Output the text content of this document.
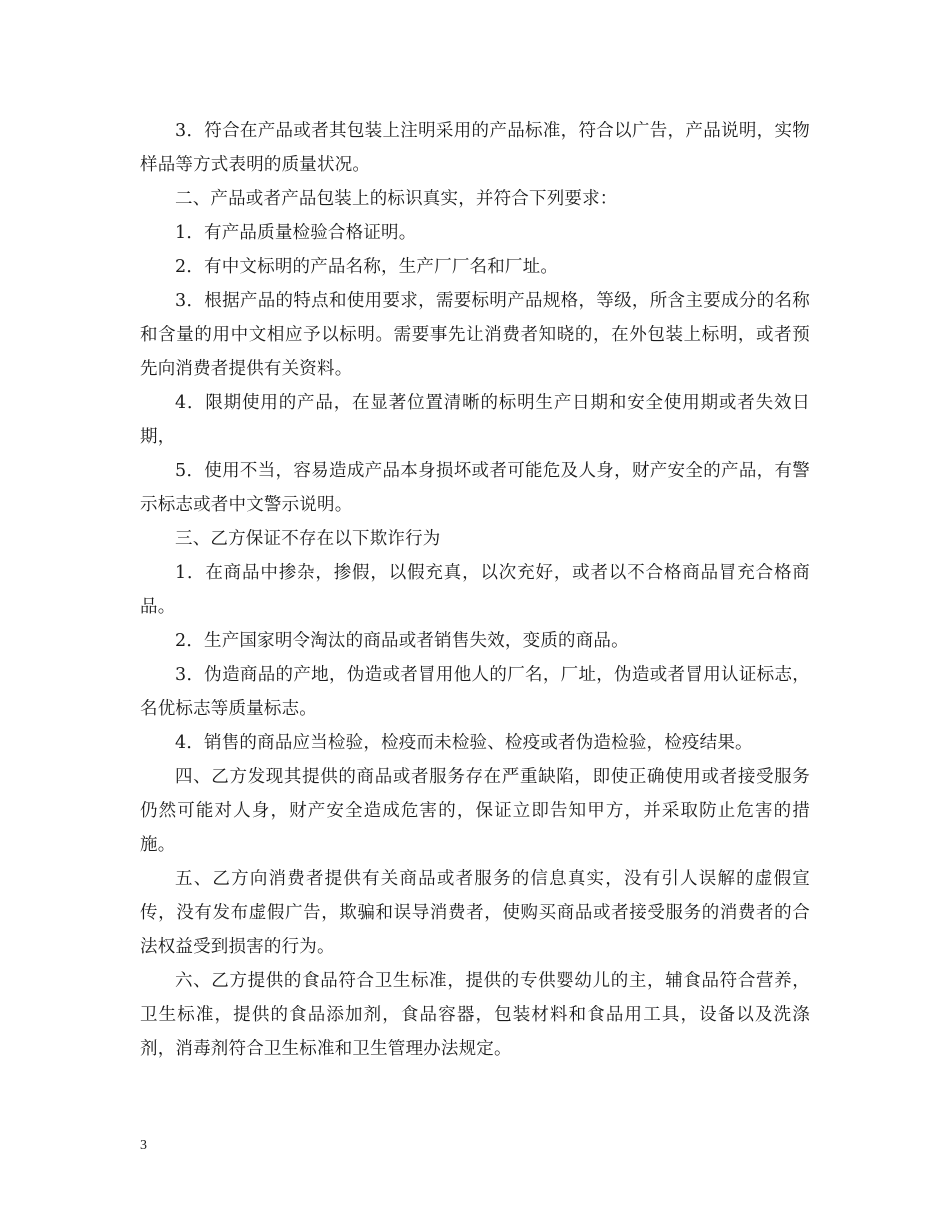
3．符合在产品或者其包装上注明采用的产品标准，符合以广告，产品说明，实物样品等方式表明的质量状况。

二、产品或者产品包装上的标识真实，并符合下列要求：

1．有产品质量检验合格证明。

2．有中文标明的产品名称，生产厂厂名和厂址。

3．根据产品的特点和使用要求，需要标明产品规格，等级，所含主要成分的名称和含量的用中文相应予以标明。需要事先让消费者知晓的，在外包装上标明，或者预先向消费者提供有关资料。

4．限期使用的产品，在显著位置清晰的标明生产日期和安全使用期或者失效日期，

5．使用不当，容易造成产品本身损坏或者可能危及人身，财产安全的产品，有警示标志或者中文警示说明。

三、乙方保证不存在以下欺诈行为

1．在商品中掺杂，掺假，以假充真，以次充好，或者以不合格商品冒充合格商品。

2．生产国家明令淘汰的商品或者销售失效，变质的商品。

3．伪造商品的产地，伪造或者冒用他人的厂名，厂址，伪造或者冒用认证标志，名优标志等质量标志。

4．销售的商品应当检验，检疫而未检验、检疫或者伪造检验，检疫结果。

四、乙方发现其提供的商品或者服务存在严重缺陷，即使正确使用或者接受服务仍然可能对人身，财产安全造成危害的，保证立即告知甲方，并采取防止危害的措施。

五、乙方向消费者提供有关商品或者服务的信息真实，没有引人误解的虚假宣传，没有发布虚假广告，欺骗和误导消费者，使购买商品或者接受服务的消费者的合法权益受到损害的行为。

六、乙方提供的食品符合卫生标准，提供的专供婴幼儿的主，辅食品符合营养，卫生标准，提供的食品添加剂，食品容器，包装材料和食品用工具，设备以及洗涤剂，消毒剂符合卫生标准和卫生管理办法规定。

3
